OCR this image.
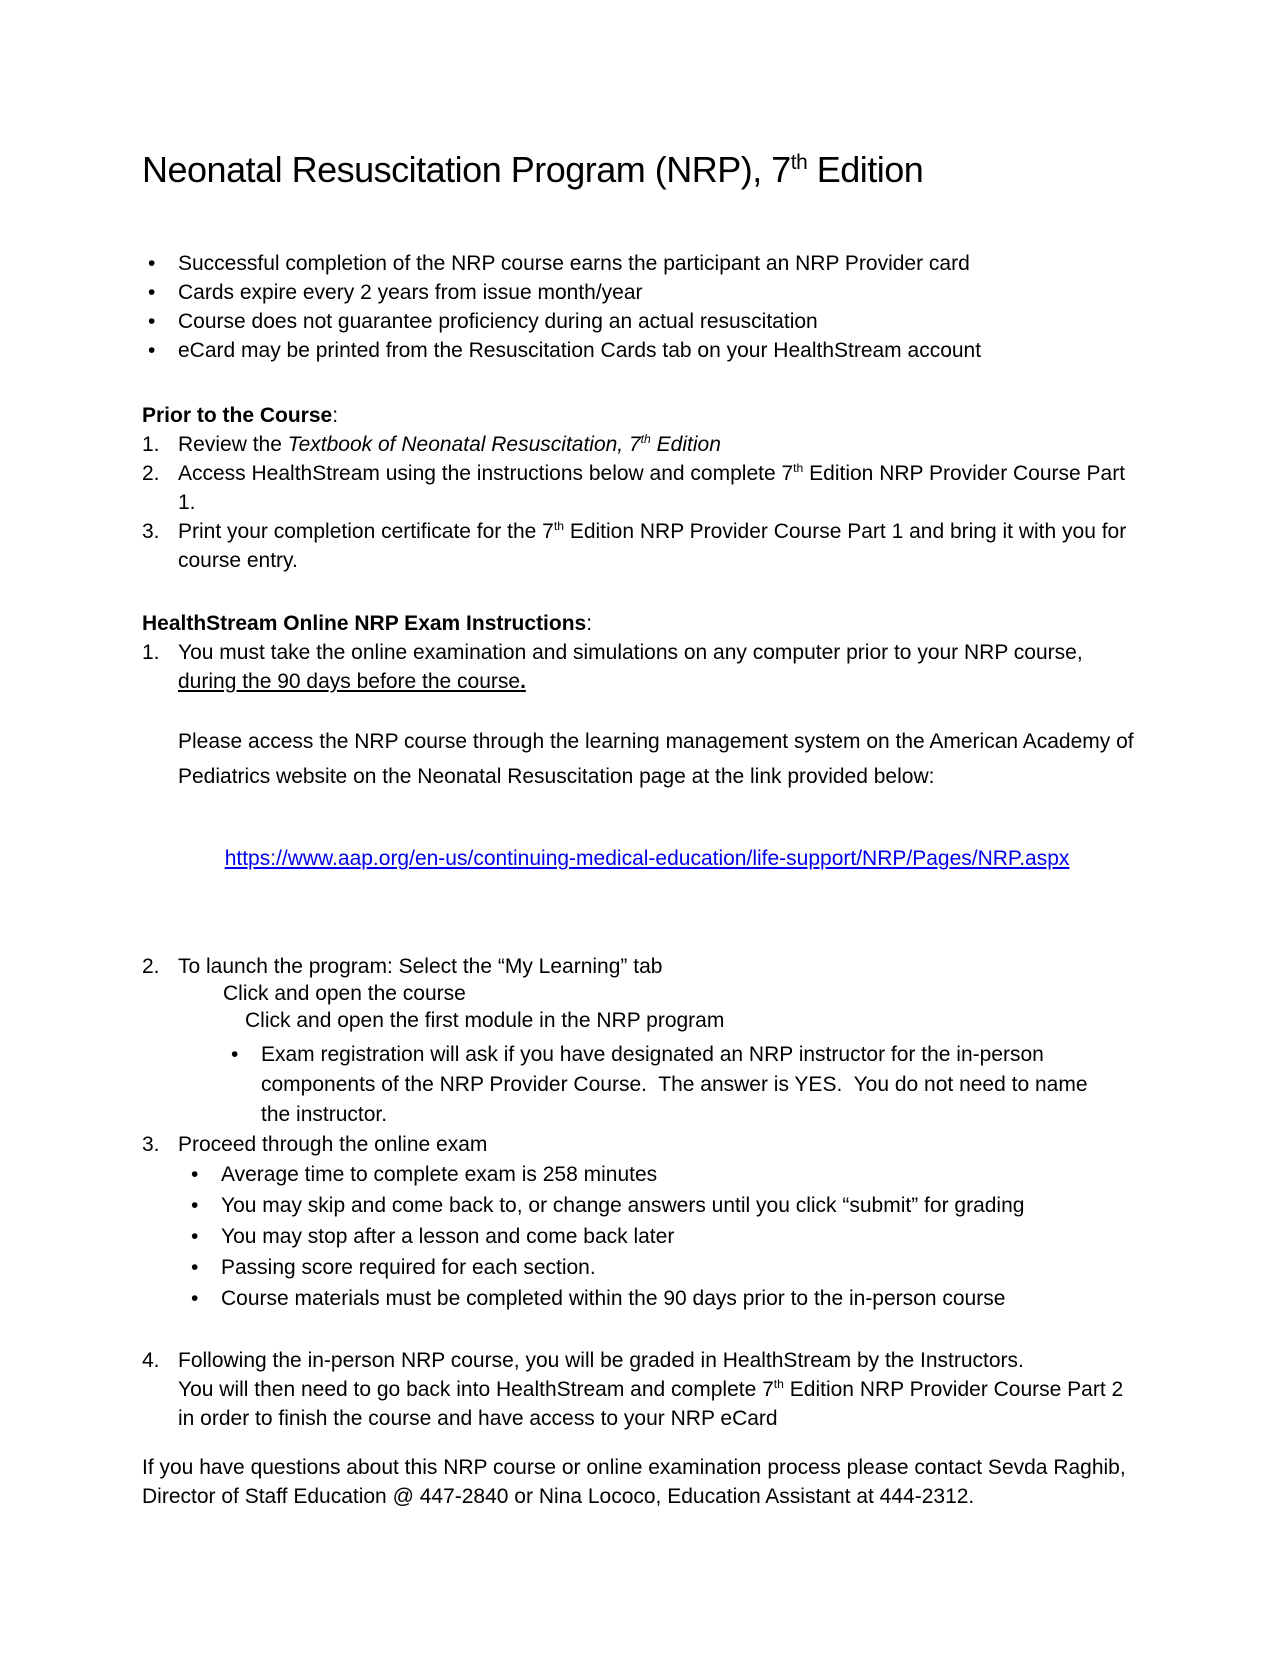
Neonatal Resuscitation Program (NRP), 7th Edition
•	Successful completion of the NRP course earns the participant an NRP Provider card
•	Cards expire every 2 years from issue month/year
•	Course does not guarantee proficiency during an actual resuscitation
•	eCard may be printed from the Resuscitation Cards tab on your HealthStream account
Prior to the Course:
1. Review the Textbook of Neonatal Resuscitation, 7th Edition
2. Access HealthStream using the instructions below and complete 7th Edition NRP Provider Course Part
1.
3. Print your completion certificate for the 7th Edition NRP Provider Course Part 1 and bring it with you for
course entry.
HealthStream Online NRP Exam Instructions:
1. You must take the online examination and simulations on any computer prior to your NRP course,
during the 90 days before the course.
Please access the NRP course through the learning management system on the American Academy of
Pediatrics website on the Neonatal Resuscitation page at the link provided below:

https://www.aap.org/en-us/continuing-medical-education/life-support/NRP/Pages/NRP.aspx

2. To launch the program: Select the “My Learning” tab
Click and open the course
Click and open the first module in the NRP program
•	Exam registration will ask if you have designated an NRP instructor for the in-person
components of the NRP Provider Course.  The answer is YES.  You do not need to name
the instructor.
3. Proceed through the online exam
•	Average time to complete exam is 258 minutes
•	You may skip and come back to, or change answers until you click “submit” for grading
•	You may stop after a lesson and come back later
•	Passing score required for each section.
•	Course materials must be completed within the 90 days prior to the in-person course
4. Following the in-person NRP course, you will be graded in HealthStream by the Instructors.
You will then need to go back into HealthStream and complete 7th Edition NRP Provider Course Part 2
in order to finish the course and have access to your NRP eCard
If you have questions about this NRP course or online examination process please contact Sevda Raghib,
Director of Staff Education @ 447-2840 or Nina Lococo, Education Assistant at 444-2312.
